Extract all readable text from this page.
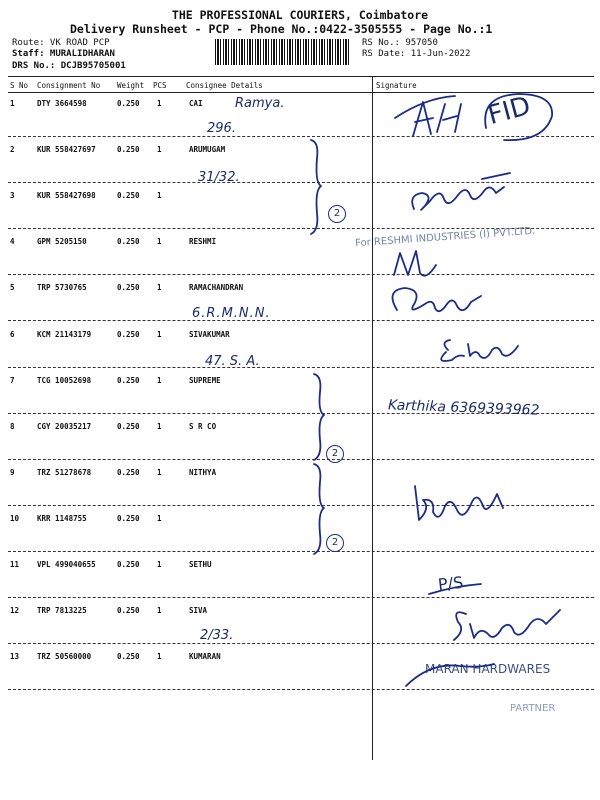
THE PROFESSIONAL COURIERS, Coimbatore
Delivery Runsheet - PCP - Phone No.:0422-3505555 - Page No.:1
Route: VK ROAD PCP
Staff: MURALIDHARAN
DRS No.: DCJB95705001
RS No.: 957050
RS Date: 11-Jun-2022
S No Consignment No Weight PCS	Consignee Details	Signature
1	DTY 3664598	0.250 1	CAI
2	KUR 558427697	0.250 1	ARUMUGAM
3	KUR 558427698	0.250 1
4	GPM 5205150	0.250 1	RESHMI
5	TRP 5730765	0.250 1	RAMACHANDRAN
6	KCM 21143179	0.250 1	SIVAKUMAR
7	TCG 10052698	0.250 1	SUPREME
8	CGY 20035217	0.250 1	S R CO
9	TRZ 51278678	0.250 1	NITHYA
10 KRR 1148755	0.250 1
11 VPL 499040655	0.250 1	SETHU
12 TRP 7813225	0.250 1	SIVA
13 TRZ 50560000	0.250 1	KUMARAN
Ramya.
296.
31/32.
6.R.M.N.N.
47. S. A.
2/33.
2
2
2
FID
For RESHMI INDUSTRIES (I) PVT.LTD.
Karthika 6369393962
P/S
MARAN HARDWARES
PARTNER
